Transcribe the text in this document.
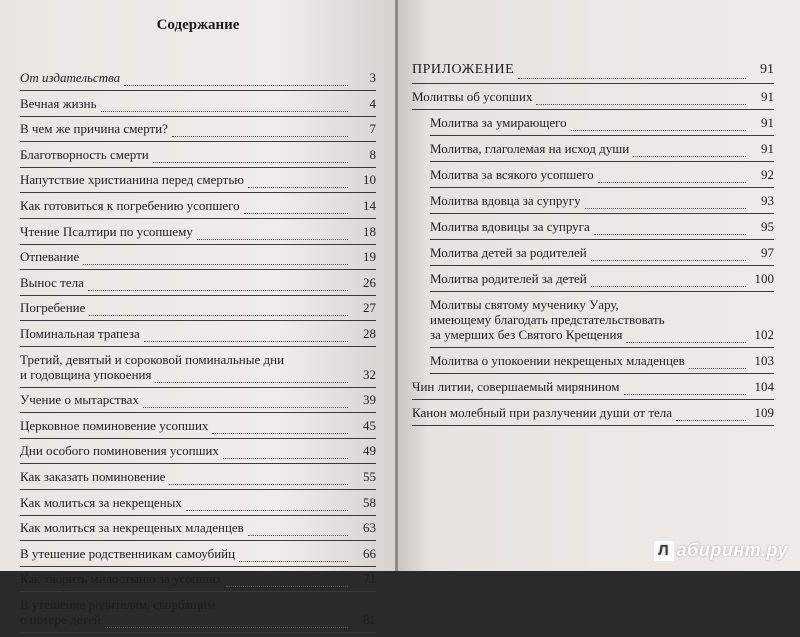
Содержание
От издательства	3
Вечная жизнь	4
В чем же причина смерти?	7
Благотворность смерти	8
Напутствие христианина перед смертью	10
Как готовиться к погребению усопшего	14
Чтение Псалтири по усопшему	18
Отпевание	19
Вынос тела	26
Погребение	27
Поминальная трапеза	28
Третий, девятый и сороковой поминальные дни
и годовщина упокоения	32
Учение о мытарствах	39
Церковное поминовение усопших	45
Дни особого поминовения усопших	49
Как заказать поминовение	55
Как молиться за некрещеных	58
Как молиться за некрещеных младенцев	63
В утешение родственникам самоубийц	66
Как творить милостыню за усопших	71
В утешение родителям, скорбящим
о потере детей	81
ПРИЛОЖЕНИЕ	91
Молитвы об усопших	91
Молитва за умирающего	91
Молитва, глаголемая на исход души	91
Молитва за всякого усопшего	92
Молитва вдовца за супругу	93
Молитва вдовицы за супруга	95
Молитва детей за родителей	97
Молитва родителей за детей	100
Молитвы святому мученику Уару,
имеющему благодать предстательствовать
за умерших без Святого Крещения	102
Молитва о упокоении некрещеных младенцев	103
Чин литии, совершаемый мирянином	104
Канон молебный при разлучении души от тела	109
Л абиринт.ру
